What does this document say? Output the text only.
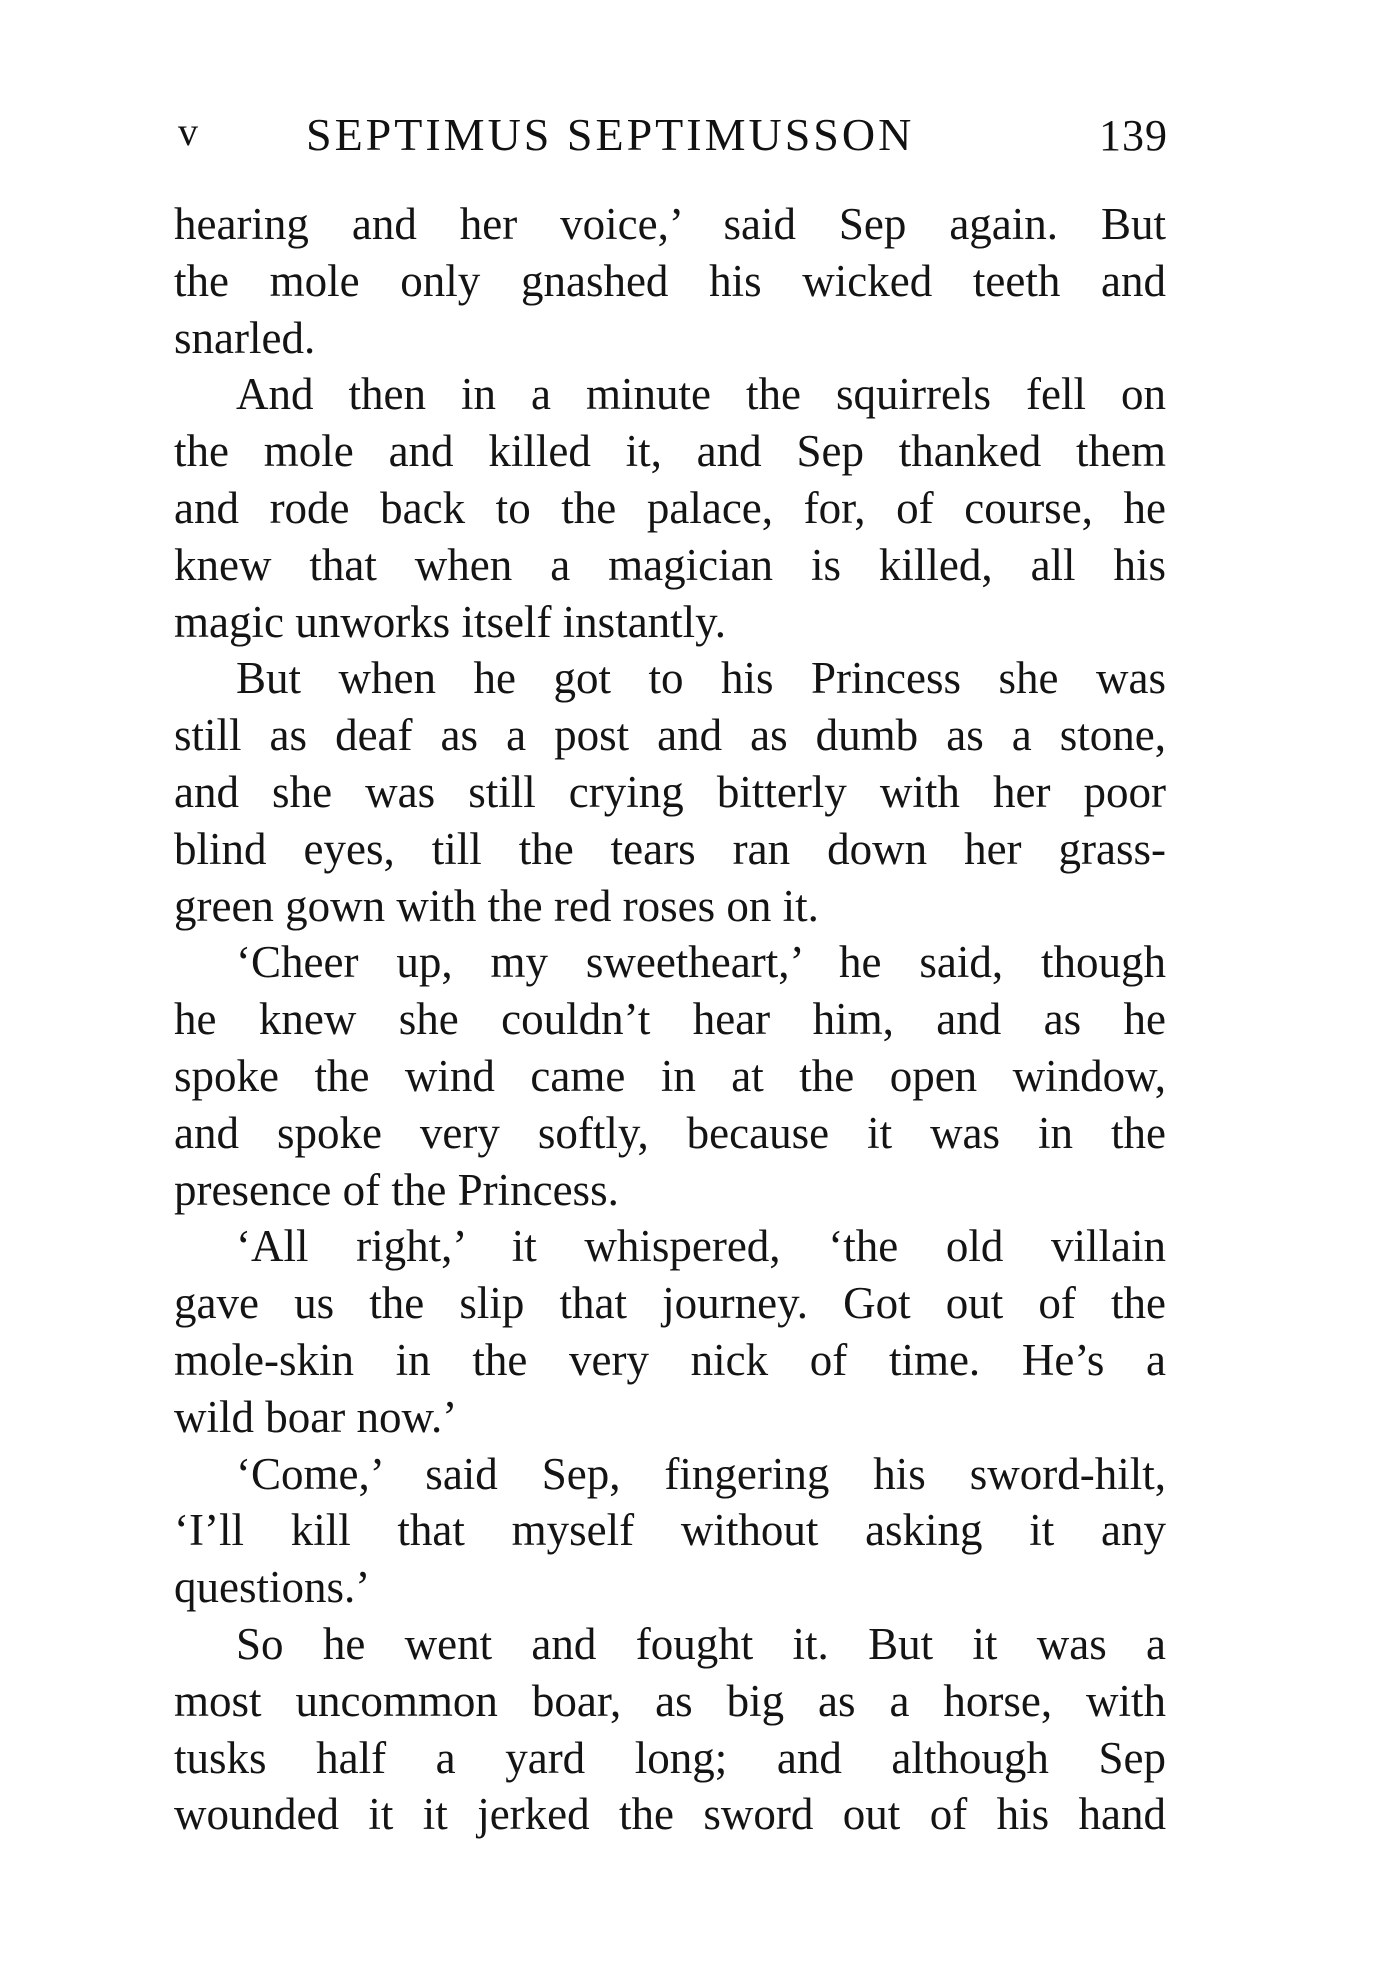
v SEPTIMUS SEPTIMUSSON	139
hearing and her voice,’ said Sep again. But
the mole only gnashed his wicked teeth and
snarled.
And then in a minute the squirrels fell on
the mole and killed it, and Sep thanked them
and rode back to the palace, for, of course, he
knew that when a magician is killed, all his
magic unworks itself instantly.
But when he got to his Princess she was
still as deaf as a post and as dumb as a stone,
and she was still crying bitterly with her poor
blind eyes, till the tears ran down her grass-
green gown with the red roses on it.
‘Cheer up, my sweetheart,’ he said, though
he knew she couldn’t hear him, and as he
spoke the wind came in at the open window,
and spoke very softly, because it was in the
presence of the Princess.
‘All right,’ it whispered, ‘the old villain
gave us the slip that journey. Got out of the
mole-skin in the very nick of time. He’s a
wild boar now.’
‘Come,’ said Sep, fingering his sword-hilt,
‘I’ll kill that myself without asking it any
questions.’
So he went and fought it. But it was a
most uncommon boar, as big as a horse, with
tusks half a yard long; and although Sep
wounded it it jerked the sword out of his hand
